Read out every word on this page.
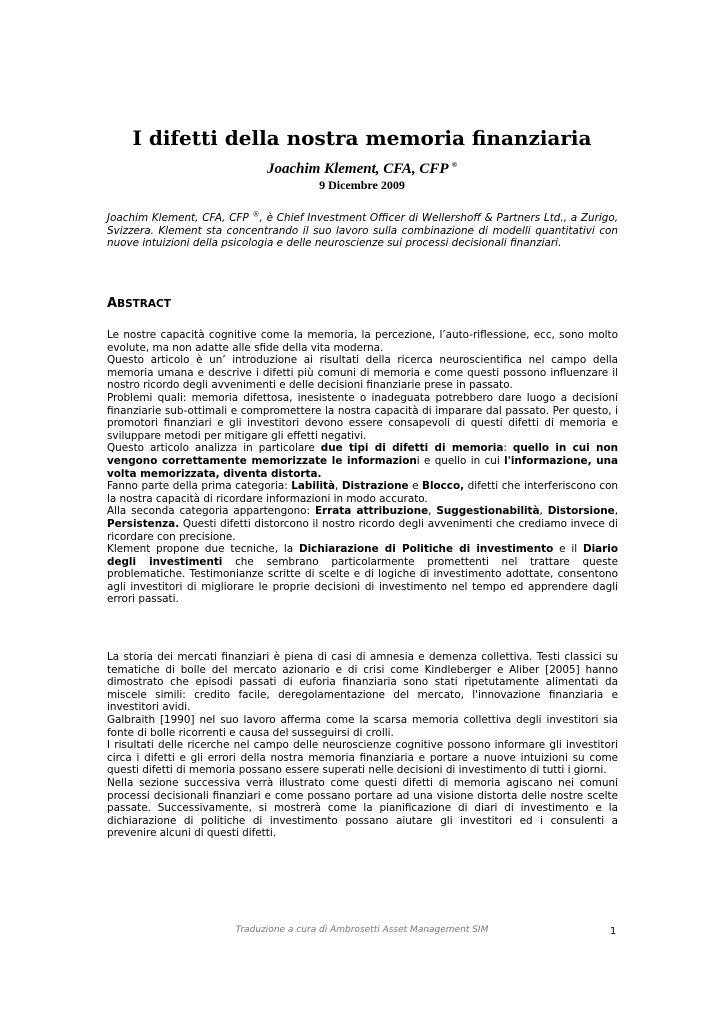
I difetti della nostra memoria finanziaria
Joachim Klement, CFA, CFP ®
9 Dicembre 2009

Joachim Klement, CFA, CFP ®, è Chief Investment Officer di Wellershoff & Partners Ltd., a Zurigo, Svizzera. Klement sta concentrando il suo lavoro sulla combinazione di modelli quantitativi con nuove intuizioni della psicologia e delle neuroscienze sui processi decisionali finanziari.

ABSTRACT

Le nostre capacità cognitive come la memoria, la percezione, l’auto-riflessione, ecc, sono molto evolute, ma non adatte alle sfide della vita moderna.

Questo articolo è un’ introduzione ai risultati della ricerca neuroscientifica nel campo della memoria umana e descrive i difetti più comuni di memoria e come questi possono influenzare il nostro ricordo degli avvenimenti e delle decisioni finanziarie prese in passato.

Problemi quali: memoria difettosa, inesistente o inadeguata potrebbero dare luogo a decisioni finanziarie sub-ottimali e compromettere la nostra capacità di imparare dal passato. Per questo, i promotori finanziari e gli investitori devono essere consapevoli di questi difetti di memoria e sviluppare metodi per mitigare gli effetti negativi.

Questo articolo analizza in particolare due tipi di difetti di memoria: quello in cui non vengono correttamente memorizzate le informazioni e quello in cui l'informazione, una volta memorizzata, diventa distorta.

Fanno parte della prima categoria: Labilità, Distrazione e Blocco, difetti che interferiscono con la nostra capacità di ricordare informazioni in modo accurato.

Alla seconda categoria appartengono: Errata attribuzione, Suggestionabilità, Distorsione, Persistenza. Questi difetti distorcono il nostro ricordo degli avvenimenti che crediamo invece di ricordare con precisione.

Klement propone due tecniche, la Dichiarazione di Politiche di investimento e il Diario degli investimenti che sembrano particolarmente promettenti nel trattare queste problematiche. Testimonianze scritte di scelte e di logiche di investimento adottate, consentono agli investitori di migliorare le proprie decisioni di investimento nel tempo ed apprendere dagli errori passati.

La storia dei mercati finanziari è piena di casi di amnesia e demenza collettiva. Testi classici su tematiche di bolle del mercato azionario e di crisi come Kindleberger e Aliber [2005] hanno dimostrato che episodi passati di euforia finanziaria sono stati ripetutamente alimentati da miscele simili: credito facile, deregolamentazione del mercato, l'innovazione finanziaria e investitori avidi.

Galbraith [1990] nel suo lavoro afferma come la scarsa memoria collettiva degli investitori sia fonte di bolle ricorrenti e causa del susseguirsi di crolli.

I risultati delle ricerche nel campo delle neuroscienze cognitive possono informare gli investitori circa i difetti e gli errori della nostra memoria finanziaria e portare a nuove intuizioni su come questi difetti di memoria possano essere superati nelle decisioni di investimento di tutti i giorni.

Nella sezione successiva verrà illustrato come questi difetti di memoria agiscano nei comuni processi decisionali finanziari e come possano portare ad una visione distorta delle nostre scelte passate. Successivamente, si mostrerà come la pianificazione di diari di investimento e la dichiarazione di politiche di investimento possano aiutare gli investitori ed i consulenti a prevenire alcuni di questi difetti.

Traduzione a cura di Ambrosetti Asset Management SIM	1
